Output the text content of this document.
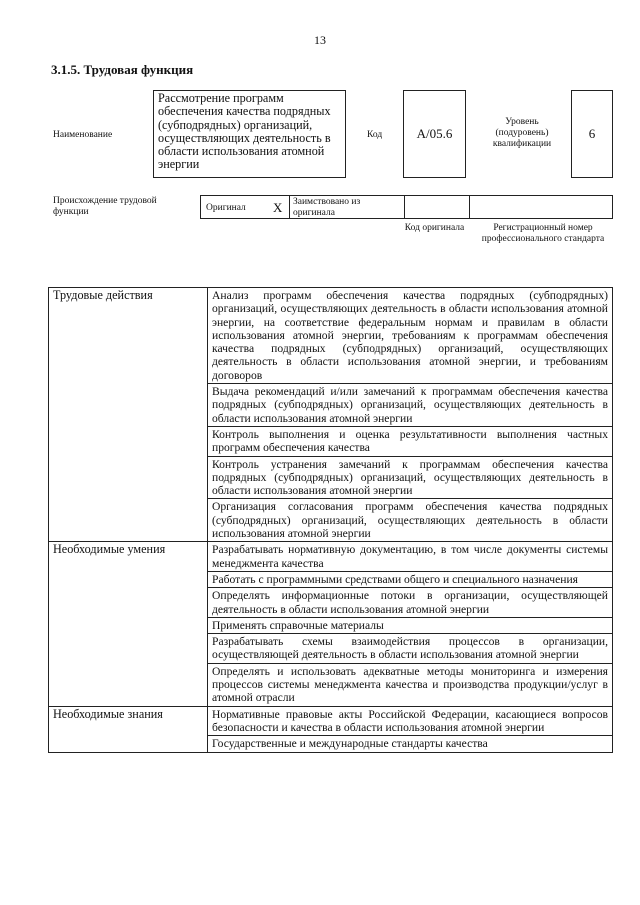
13
3.1.5. Трудовая функция
Наименование
Рассмотрение программ обеспечения качества подрядных (субподрядных) организаций, осуществляющих деятельность в области использования атомной энергии
Код	А/05.6
Уровень (подуровень) квалификации
6
Происхождение трудовой функции	Оригинал X Заимствовано из оригинала
Код оригинала	Регистрационный номер профессионального стандарта
Трудовые действия	Анализ программ обеспечения качества подрядных (субподрядных) организаций, осуществляющих деятельность в области использования атомной энергии, на соответствие федеральным нормам и правилам в области использования атомной энергии, требованиям к программам обеспечения качества подрядных (субподрядных) организаций, осуществляющих деятельность в области использования атомной энергии, и требованиям договоров
	Выдача рекомендаций и/или замечаний к программам обеспечения качества подрядных (субподрядных) организаций, осуществляющих деятельность в области использования атомной энергии
	Контроль выполнения и оценка результативности выполнения частных программ обеспечения качества
	Контроль устранения замечаний к программам обеспечения качества подрядных (субподрядных) организаций, осуществляющих деятельность в области использования атомной энергии
	Организация согласования программ обеспечения качества подрядных (субподрядных) организаций, осуществляющих деятельность в области использования атомной энергии
Необходимые умения	Разрабатывать нормативную документацию, в том числе документы системы менеджмента качества
	Работать с программными средствами общего и специального назначения
	Определять информационные потоки в организации, осуществляющей деятельность в области использования атомной энергии
	Применять справочные материалы
	Разрабатывать схемы взаимодействия процессов в организации, осуществляющей деятельность в области использования атомной энергии
	Определять и использовать адекватные методы мониторинга и измерения процессов системы менеджмента качества и производства продукции/услуг в атомной отрасли
Необходимые знания	Нормативные правовые акты Российской Федерации, касающиеся вопросов безопасности и качества в области использования атомной энергии
	Государственные и международные стандарты качества
